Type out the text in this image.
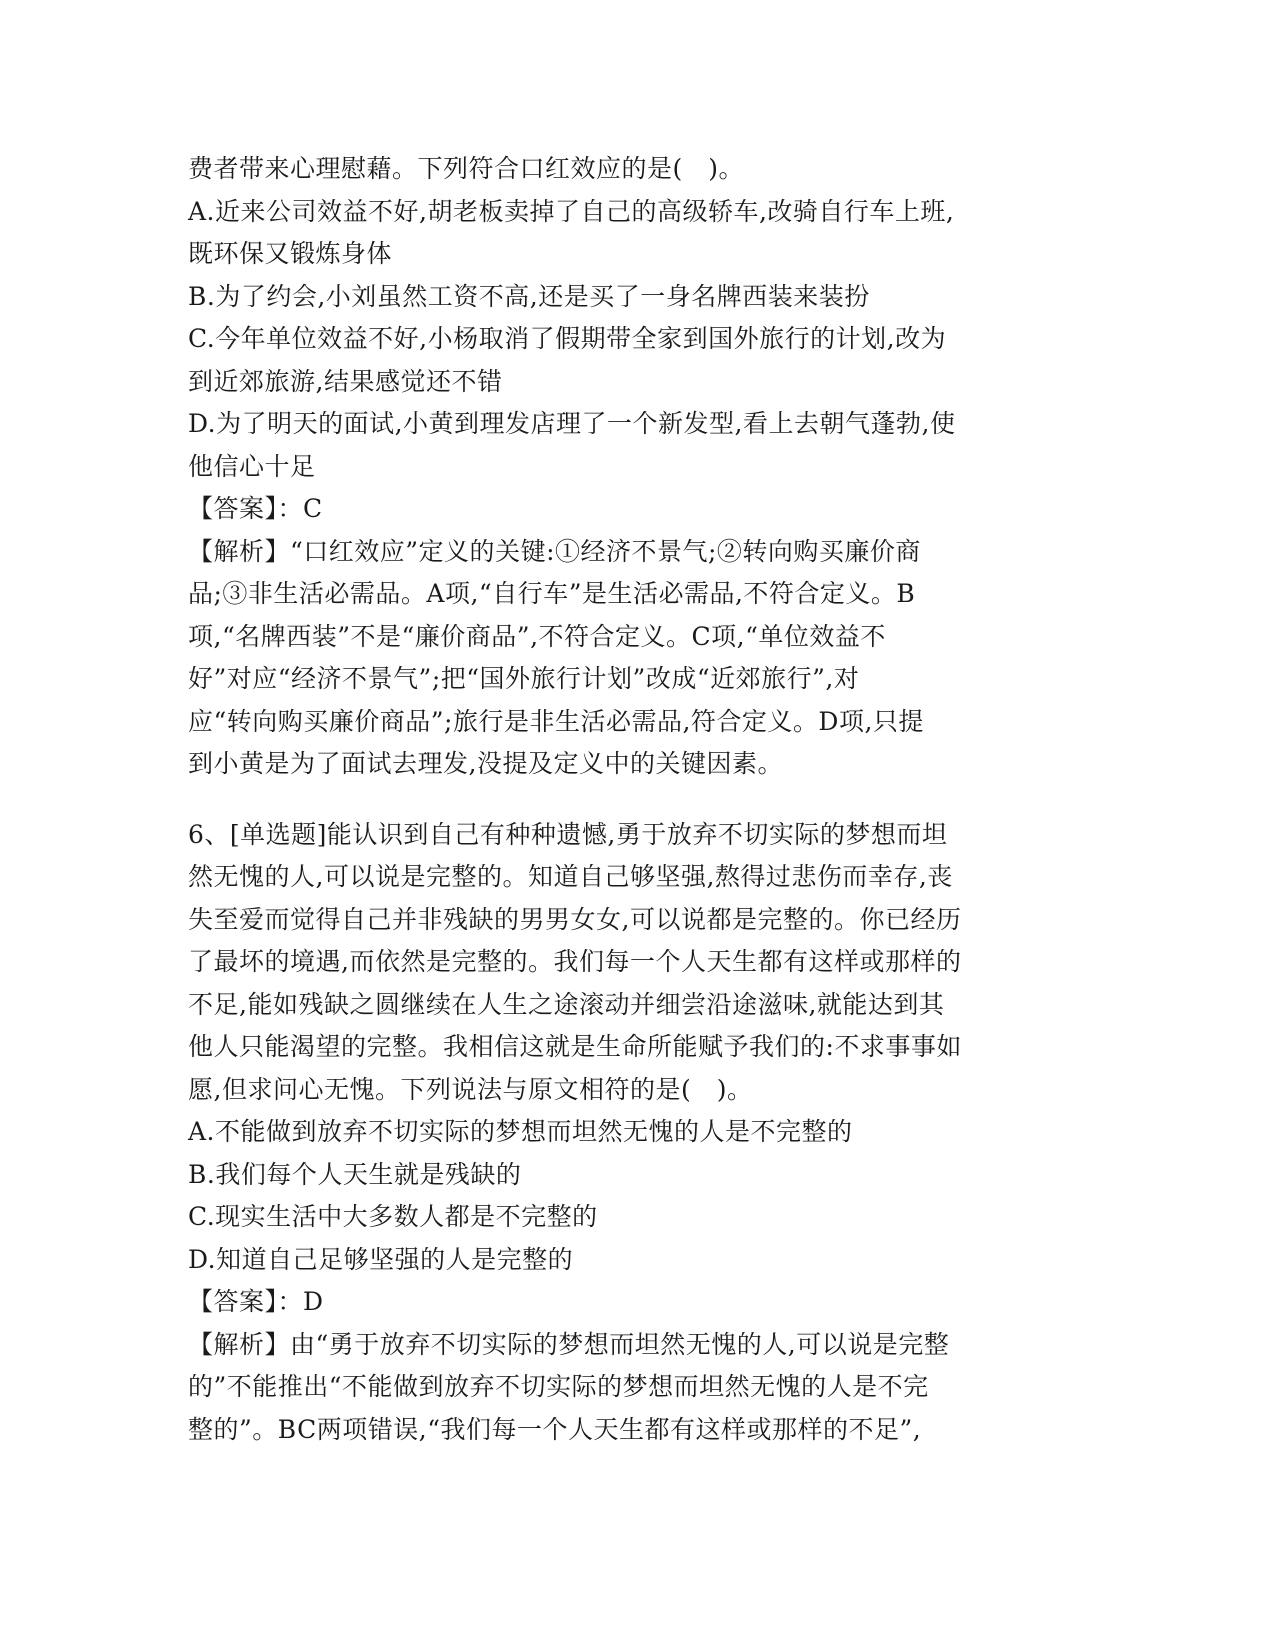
费者带来心理慰藉。下列符合口红效应的是(　)。
A.近来公司效益不好,胡老板卖掉了自己的高级轿车,改骑自行车上班,
既环保又锻炼身体
B.为了约会,小刘虽然工资不高,还是买了一身名牌西装来装扮
C.今年单位效益不好,小杨取消了假期带全家到国外旅行的计划,改为
到近郊旅游,结果感觉还不错
D.为了明天的面试,小黄到理发店理了一个新发型,看上去朝气蓬勃,使
他信心十足
【答案】：C
【解析】“口红效应”定义的关键:①经济不景气;②转向购买廉价商
品;③非生活必需品。A项,“自行车”是生活必需品,不符合定义。B
项,“名牌西装”不是“廉价商品”,不符合定义。C项,“单位效益不
好”对应“经济不景气”;把“国外旅行计划”改成“近郊旅行”,对
应“转向购买廉价商品”;旅行是非生活必需品,符合定义。D项,只提
到小黄是为了面试去理发,没提及定义中的关键因素。
6、[单选题]能认识到自己有种种遗憾,勇于放弃不切实际的梦想而坦
然无愧的人,可以说是完整的。知道自己够坚强,熬得过悲伤而幸存,丧
失至爱而觉得自己并非残缺的男男女女,可以说都是完整的。你已经历
了最坏的境遇,而依然是完整的。我们每一个人天生都有这样或那样的
不足,能如残缺之圆继续在人生之途滚动并细尝沿途滋味,就能达到其
他人只能渴望的完整。我相信这就是生命所能赋予我们的:不求事事如
愿,但求问心无愧。下列说法与原文相符的是(　)。
A.不能做到放弃不切实际的梦想而坦然无愧的人是不完整的
B.我们每个人天生就是残缺的
C.现实生活中大多数人都是不完整的
D.知道自己足够坚强的人是完整的
【答案】：D
【解析】由“勇于放弃不切实际的梦想而坦然无愧的人,可以说是完整
的”不能推出“不能做到放弃不切实际的梦想而坦然无愧的人是不完
整的”。BC两项错误,“我们每一个人天生都有这样或那样的不足”,
